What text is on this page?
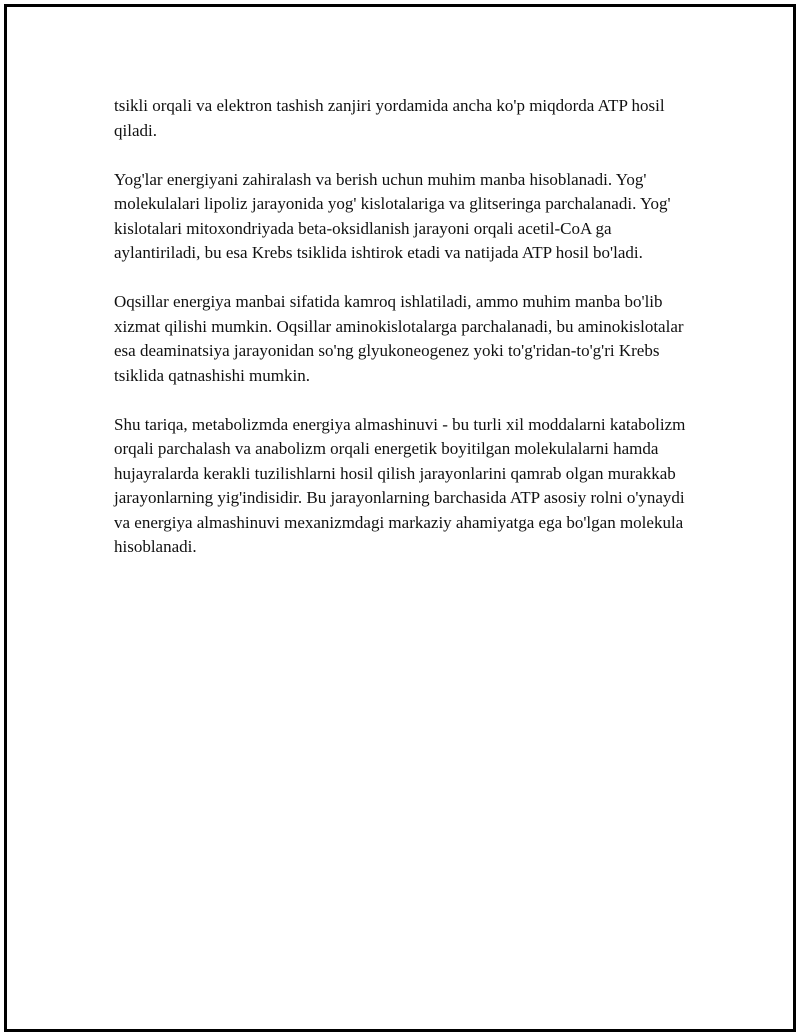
tsikli orqali va elektron tashish zanjiri yordamida ancha ko'p miqdorda ATP hosil qiladi.

Yog'lar energiyani zahiralash va berish uchun muhim manba hisoblanadi. Yog' molekulalari lipoliz jarayonida yog' kislotalariga va glitseringa parchalanadi. Yog' kislotalari mitoxondriyada beta-oksidlanish jarayoni orqali acetil-CoA ga aylantiriladi, bu esa Krebs tsiklida ishtirok etadi va natijada ATP hosil bo'ladi.

Oqsillar energiya manbai sifatida kamroq ishlatiladi, ammo muhim manba bo'lib xizmat qilishi mumkin. Oqsillar aminokislotalarga parchalanadi, bu aminokislotalar esa deaminatsiya jarayonidan so'ng glyukoneogenez yoki to'g'ridan-to'g'ri Krebs tsiklida qatnashishi mumkin.

Shu tariqa, metabolizmda energiya almashinuvi - bu turli xil moddalarni katabolizm orqali parchalash va anabolizm orqali energetik boyitilgan molekulalarni hamda hujayralarda kerakli tuzilishlarni hosil qilish jarayonlarini qamrab olgan murakkab jarayonlarning yig'indisidir. Bu jarayonlarning barchasida ATP asosiy rolni o'ynaydi va energiya almashinuvi mexanizmdagi markaziy ahamiyatga ega bo'lgan molekula hisoblanadi.
